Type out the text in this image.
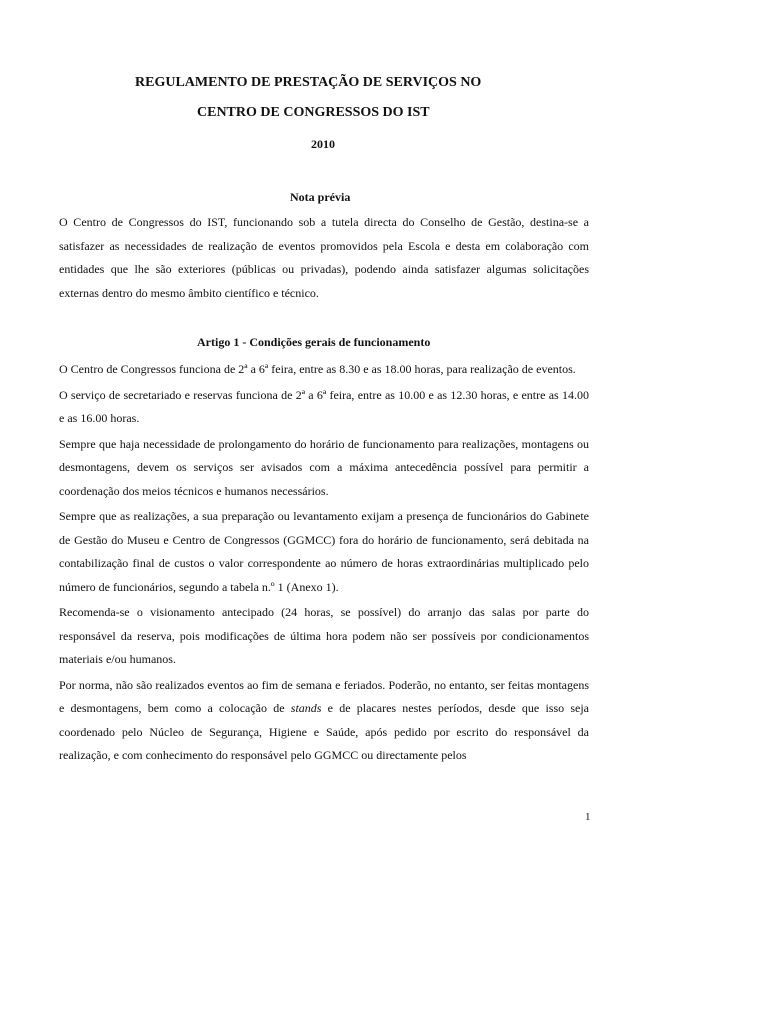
REGULAMENTO DE PRESTAÇÃO DE SERVIÇOS NO
CENTRO DE CONGRESSOS DO IST
2010
Nota prévia

O Centro de Congressos do IST, funcionando sob a tutela directa do Conselho de Gestão, destina-se a satisfazer as necessidades de realização de eventos promovidos pela Escola e desta em colaboração com entidades que lhe são exteriores (públicas ou privadas), podendo ainda satisfazer algumas solicitações externas dentro do mesmo âmbito científico e técnico.

Artigo 1 - Condições gerais de funcionamento

O Centro de Congressos funciona de 2ª a 6ª feira, entre as 8.30 e as 18.00 horas, para realização de eventos.

O serviço de secretariado e reservas funciona de 2ª a 6ª feira, entre as 10.00 e as 12.30 horas, e entre as 14.00 e as 16.00 horas.

Sempre que haja necessidade de prolongamento do horário de funcionamento para realizações, montagens ou desmontagens, devem os serviços ser avisados com a máxima antecedência possível para permitir a coordenação dos meios técnicos e humanos necessários.

Sempre que as realizações, a sua preparação ou levantamento exijam a presença de funcionários do Gabinete de Gestão do Museu e Centro de Congressos (GGMCC) fora do horário de funcionamento, será debitada na contabilização final de custos o valor correspondente ao número de horas extraordinárias multiplicado pelo número de funcionários, segundo a tabela n.º 1 (Anexo 1).

Recomenda-se o visionamento antecipado (24 horas, se possível) do arranjo das salas por parte do responsável da reserva, pois modificações de última hora podem não ser possíveis por condicionamentos materiais e/ou humanos.

Por norma, não são realizados eventos ao fim de semana e feriados. Poderão, no entanto, ser feitas montagens e desmontagens, bem como a colocação de stands e de placares nestes períodos, desde que isso seja coordenado pelo Núcleo de Segurança, Higiene e Saúde, após pedido por escrito do responsável da realização, e com conhecimento do responsável pelo GGMCC ou directamente pelos

1
